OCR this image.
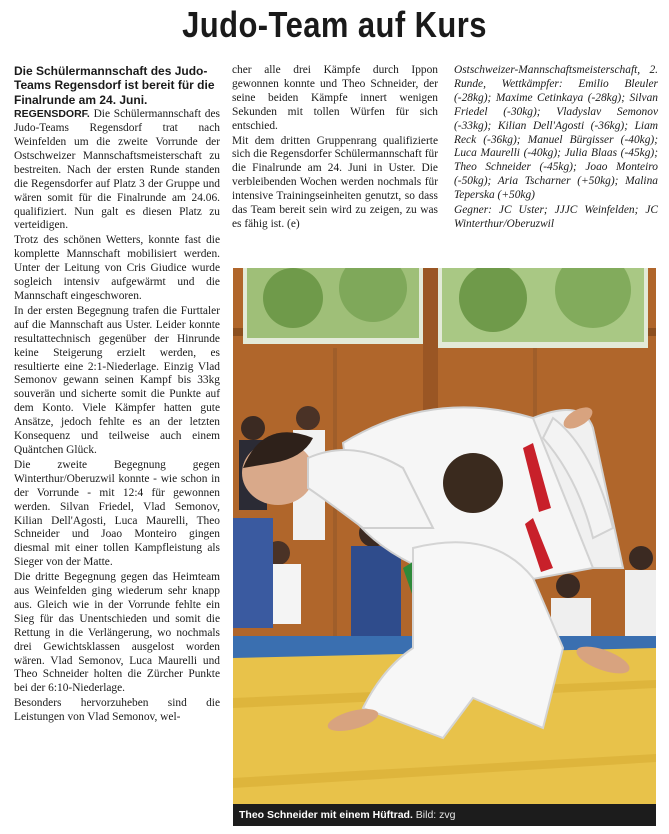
Judo-Team auf Kurs

Die Schülermannschaft des Judo-Teams Regensdorf ist bereit für die Finalrunde am 24. Juni.

REGENSDORF. Die Schülermannschaft des Judo-Teams Regensdorf trat nach Weinfelden um die zweite Vorrunde der Ostschweizer Mannschaftsmeisterschaft zu bestreiten. Nach der ersten Runde standen die Regensdorfer auf Platz 3 der Gruppe und wären somit für die Finalrunde am 24.06. qualifiziert. Nun galt es diesen Platz zu verteidigen.

Trotz des schönen Wetters, konnte fast die komplette Mannschaft mobilisiert werden. Unter der Leitung von Cris Giudice wurde sogleich intensiv aufgewärmt und die Mannschaft eingeschworen.

In der ersten Begegnung trafen die Furttaler auf die Mannschaft aus Uster. Leider konnte resultattechnisch gegenüber der Hinrunde keine Steigerung erzielt werden, es resultierte eine 2:1-Niederlage. Einzig Vlad Semonov gewann seinen Kampf bis 33kg souverän und sicherte somit die Punkte auf dem Konto. Viele Kämpfer hatten gute Ansätze, jedoch fehlte es an der letzten Konsequenz und teilweise auch einem Quäntchen Glück.

Die zweite Begegnung gegen Winterthur/Oberuzwil konnte - wie schon in der Vorrunde - mit 12:4 für gewonnen werden. Silvan Friedel, Vlad Semonov, Kilian Dell'Agosti, Luca Maurelli, Theo Schneider und Joao Monteiro gingen diesmal mit einer tollen Kampfleistung als Sieger von der Matte.

Die dritte Begegnung gegen das Heimteam aus Weinfelden ging wiederum sehr knapp aus. Gleich wie in der Vorrunde fehlte ein Sieg für das Unentschieden und somit die Rettung in die Verlängerung, wo nochmals drei Gewichtsklassen ausgelost worden wären. Vlad Semonov, Luca Maurelli und Theo Schneider holten die Zürcher Punkte bei der 6:10-Niederlage.

Besonders hervorzuheben sind die Leistungen von Vlad Semonov, wel-

cher alle drei Kämpfe durch Ippon gewonnen konnte und Theo Schneider, der seine beiden Kämpfe innert wenigen Sekunden mit tollen Würfen für sich entschied.

Mit dem dritten Gruppenrang qualifizierte sich die Regensdorfer Schülermannschaft für die Finalrunde am 24. Juni in Uster. Die verbleibenden Wochen werden nochmals für intensive Trainingseinheiten genutzt, so dass das Team bereit sein wird zu zeigen, zu was es fähig ist. (e)

Ostschweizer-Mannschaftsmeisterschaft, 2. Runde, Wettkämpfer: Emilio Bleuler (-28kg); Maxime Cetinkaya (-28kg); Silvan Friedel (-30kg); Vladyslav Semonov (-33kg); Kilian Dell'Agosti (-36kg); Liam Reck (-36kg); Manuel Bürgisser (-40kg); Luca Maurelli (-40kg); Julia Blaas (-45kg); Theo Schneider (-45kg); Joao Monteiro (-50kg); Aria Tscharner (+50kg); Malina Teperska (+50kg)

Gegner: JC Uster; JJJC Weinfelden; JC Winterthur/Oberuzwil

Theo Schneider mit einem Hüftrad. Bild: zvg
